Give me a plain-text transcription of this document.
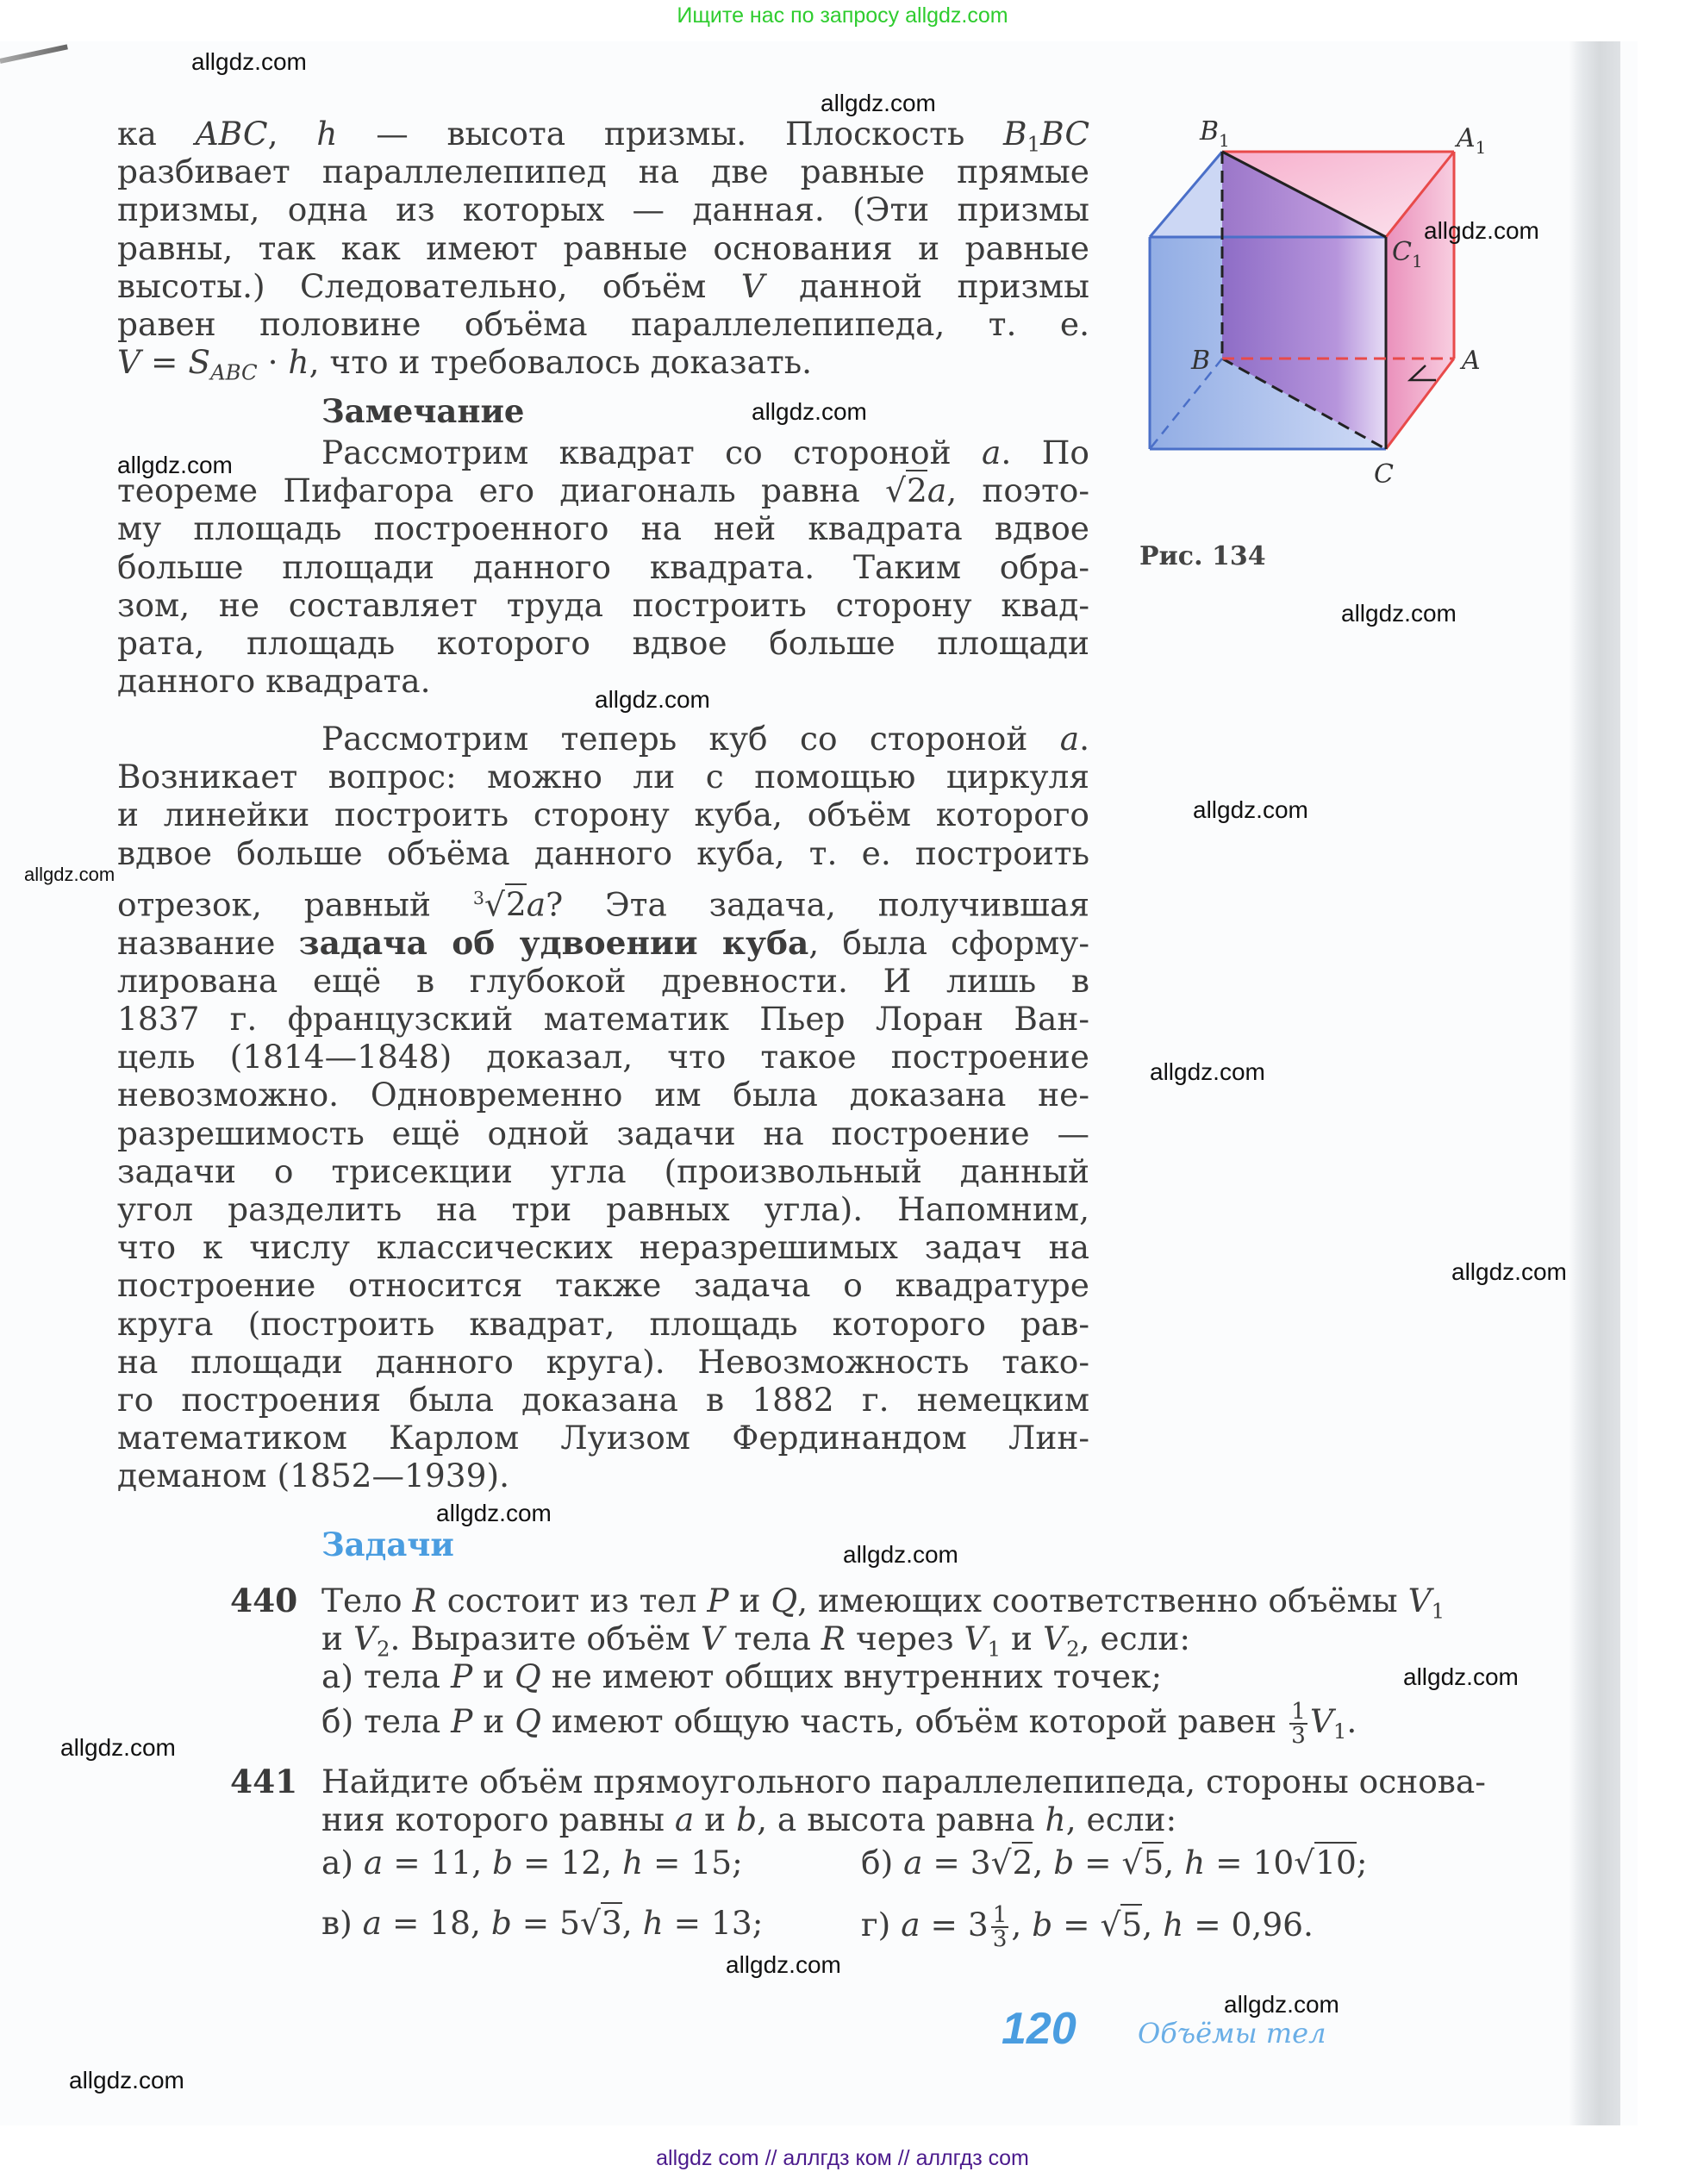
Ищите нас по запросу allgdz.com
ка ABC, h — высота призмы. Плоскость $B_1BC$
разбивает параллелепипед на две равные прямые
призмы, одна из которых — данная. (Эти призмы
равны, так как имеют равные основания и равные
высоты.) Следовательно, объём V данной призмы
равен половине объёма параллелепипеда, т. е.
$V = S_{ABC} \cdot h$, что и требовалось доказать.
Замечание
Рассмотрим квадрат со стороной a. По
теореме Пифагора его диагональ равна √2a, поэто-
му площадь построенного на ней квадрата вдвое
больше площади данного квадрата. Таким обра-
зом, не составляет труда построить сторону квад-
рата, площадь которого вдвое больше площади
данного квадрата.
Рассмотрим теперь куб со стороной a.
Возникает вопрос: можно ли с помощью циркуля
и линейки построить сторону куба, объём которого
вдвое больше объёма данного куба, т. е. построить
отрезок, равный $^3$√2a? Эта задача, получившая
название задача об удвоении куба, была сформу-
лирована ещё в глубокой древности. И лишь в
1837 г. французский математик Пьер Лоран Ван-
цель (1814—1848) доказал, что такое построение
невозможно. Одновременно им была доказана не-
разрешимость ещё одной задачи на построение —
задачи о трисекции угла (произвольный данный
угол разделить на три равных угла). Напомним,
что к числу классических неразрешимых задач на
построение относится также задача о квадратуре
круга (построить квадрат, площадь которого рав-
на площади данного круга). Невозможность тако-
го построения была доказана в 1882 г. немецким
математиком Карлом Луизом Фердинандом Лин-
деманом (1852—1939).
$B_1$	$A_1$
$C_1$
B	A
C
Рис. 134
Задачи
440 Тело R состоит из тел P и Q, имеющих соответственно объёмы $V_1$
и $V_2$. Выразите объём V тела R через $V_1$ и $V_2$, если:
а) тела P и Q не имеют общих внутренних точек;
б) тела P и Q имеют общую часть, объём которой равен $\frac{1}{3} V_1$.
441 Найдите объём прямоугольного параллелепипеда, стороны основа-
ния которого равны a и b, а высота равна h, если:
а) a = 11, b = 12, h = 15;	б) a = 3√2, b = √5, h = 10√10;
в) a = 18, b = 5√3, h = 13;	г) $a = 3 \frac{1}{3}$ , b = √5, h = 0,96.
120 Объёмы тел
allgdz.com
allgdz.com
allgdz.com
allgdz.com
allgdz.com
allgdz.com
allgdz.com
allgdz.com
allgdz.com
allgdz.com
allgdz.com
allgdz.com
allgdz.com
allgdz.com
allgdz.com
allgdz.com
allgdz.com
allgdz.com
allgdz com // аллгдз ком // аллгдз com
